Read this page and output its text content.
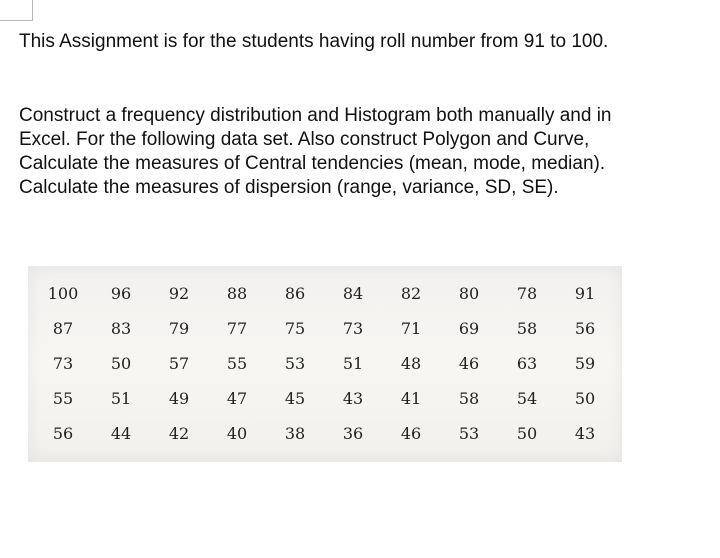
This Assignment is for the students having roll number from 91 to 100.

Construct a frequency distribution and Histogram both manually and in
Excel. For the following data set. Also construct Polygon and Curve,
Calculate the measures of Central tendencies (mean, mode, median).
Calculate the measures of dispersion (range, variance, SD, SE).
100	96	92	88	86	84	82	80	78	91
87	83	79	77	75	73	71	69	58	56
73	50	57	55	53	51	48	46	63	59
55	51	49	47	45	43	41	58	54	50
56	44	42	40	38	36	46	53	50	43
